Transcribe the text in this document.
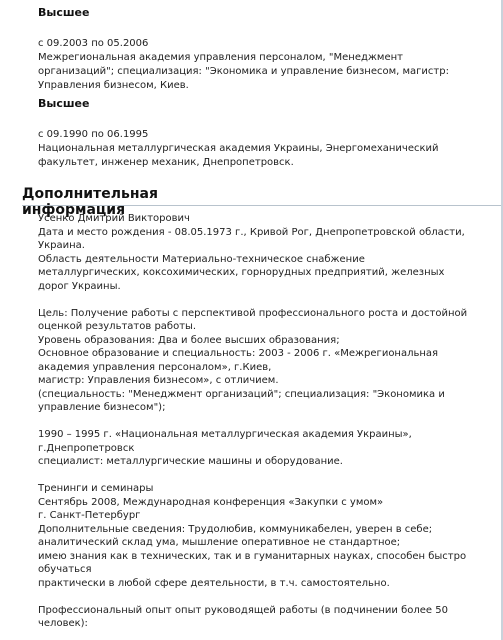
Высшее

с 09.2003 по 05.2006

Межрегиональная академия управления персоналом, "Менеджмент

организаций"; специализация: "Экономика и управление бизнесом, магистр:

Управления бизнесом, Киев.

Высшее

с 09.1990 по 06.1995

Национальная металлургическая академия Украины, Энергомеханический

факультет, инженер механик, Днепропетровск.

Дополнительная информация
Усенко Дмитрий Викторович
Дата и место рождения - 08.05.1973 г., Кривой Рог, Днепропетровской области,
Украина.
Область деятельности Материально-техническое снабжение
металлургических, коксохимических, горнорудных предприятий, железных
дорог Украины.
Цель: Получение работы с перспективой профессионального роста и достойной
оценкой результатов работы.
Уровень образования: Два и более высших образования;
Основное образование и специальность: 2003 - 2006 г. «Межрегиональная
академия управления персоналом», г.Киев,
магистр: Управления бизнесом», с отличием.
(специальность: "Менеджмент организаций"; специализация: "Экономика и
управление бизнесом");
1990 – 1995 г. «Национальная металлургическая академия Украины»,
г.Днепропетровск
специалист: металлургические машины и оборудование.
Тренинги и семинары
Сентябрь 2008, Международная конференция «Закупки с умом»
г. Санкт-Петербург
Дополнительные сведения: Трудолюбив, коммуникабелен, уверен в себе;
аналитический склад ума, мышление оперативное не стандартное;
имею знания как в технических, так и в гуманитарных науках, способен быстро
обучаться
практически в любой сфере деятельности, в т.ч. самостоятельно.
Профессиональный опыт опыт руководящей работы (в подчинении более 50
человек):
